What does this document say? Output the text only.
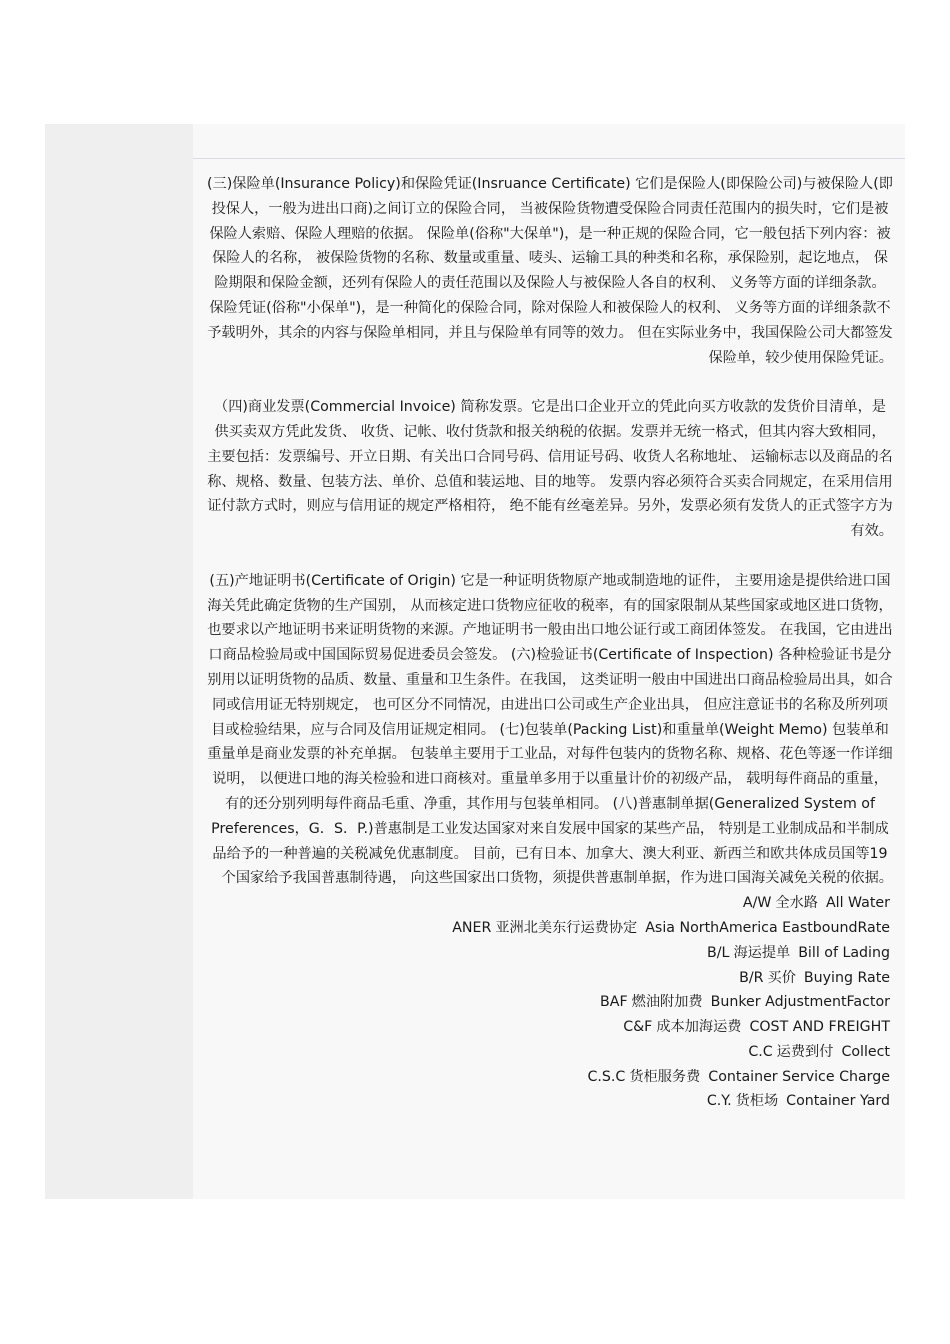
(三)保险单(Insurance Policy)和保险凭证(Insruance Certificate) 它们是保险人(即保险公司)与被保险人(即投保人，一般为进出口商)之间订立的保险合同， 当被保险货物遭受保险合同责任范围内的损失时，它们是被保险人索赔、保险人理赔的依据。 保险单(俗称"大保单")，是一种正规的保险合同，它一般包括下列内容：被保险人的名称， 被保险货物的名称、数量或重量、唛头、运输工具的种类和名称，承保险别，起讫地点， 保险期限和保险金额，还列有保险人的责任范围以及保险人与被保险人各自的权利、 义务等方面的详细条款。 保险凭证(俗称"小保单")，是一种简化的保险合同，除对保险人和被保险人的权利、 义务等方面的详细条款不予载明外，其余的内容与保险单相同，并且与保险单有同等的效力。 但在实际业务中，我国保险公司大都签发保险单，较少使用保险凭证。

（四)商业发票(Commercial Invoice) 简称发票。它是出口企业开立的凭此向买方收款的发货价目清单，是供买卖双方凭此发货、 收货、记帐、收付货款和报关纳税的依据。发票并无统一格式，但其内容大致相同， 主要包括：发票编号、开立日期、有关出口合同号码、信用证号码、收货人名称地址、 运输标志以及商品的名称、规格、数量、包装方法、单价、总值和装运地、目的地等。 发票内容必须符合买卖合同规定，在采用信用证付款方式时，则应与信用证的规定严格相符， 绝不能有丝毫差异。另外，发票必须有发货人的正式签字方为有效。

(五)产地证明书(Certificate of Origin) 它是一种证明货物原产地或制造地的证件， 主要用途是提供给进口国海关凭此确定货物的生产国别， 从而核定进口货物应征收的税率，有的国家限制从某些国家或地区进口货物， 也要求以产地证明书来证明货物的来源。产地证明书一般由出口地公证行或工商团体签发。 在我国，它由进出口商品检验局或中国国际贸易促进委员会签发。 (六)检验证书(Certificate of Inspection) 各种检验证书是分别用以证明货物的品质、数量、重量和卫生条件。在我国， 这类证明一般由中国进出口商品检验局出具，如合同或信用证无特别规定， 也可区分不同情况，由进出口公司或生产企业出具， 但应注意证书的名称及所列项目或检验结果，应与合同及信用证规定相同。 (七)包装单(Packing List)和重量单(Weight Memo) 包装单和重量单是商业发票的补充单据。 包装单主要用于工业品，对每件包装内的货物名称、规格、花色等逐一作详细说明， 以便进口地的海关检验和进口商核对。重量单多用于以重量计价的初级产品， 载明每件商品的重量，有的还分别列明每件商品毛重、净重，其作用与包装单相同。 (八)普惠制单据(Generalized System of Preferences，G．S．P.)普惠制是工业发达国家对来自发展中国家的某些产品， 特别是工业制成品和半制成品给予的一种普遍的关税减免优惠制度。 目前，已有日本、加拿大、澳大利亚、新西兰和欧共体成员国等19个国家给予我国普惠制待遇， 向这些国家出口货物，须提供普惠制单据，作为进口国海关减免关税的依据。

A/W 全水路 All Water
ANER 亚洲北美东行运费协定 Asia NorthAmerica EastboundRate
B/L 海运提单 Bill of Lading
B/R 买价 Buying Rate
BAF 燃油附加费 Bunker AdjustmentFactor
C&F 成本加海运费 COST AND FREIGHT
C.C 运费到付 Collect
C.S.C 货柜服务费 Container Service Charge
C.Y. 货柜场 Container Yard
